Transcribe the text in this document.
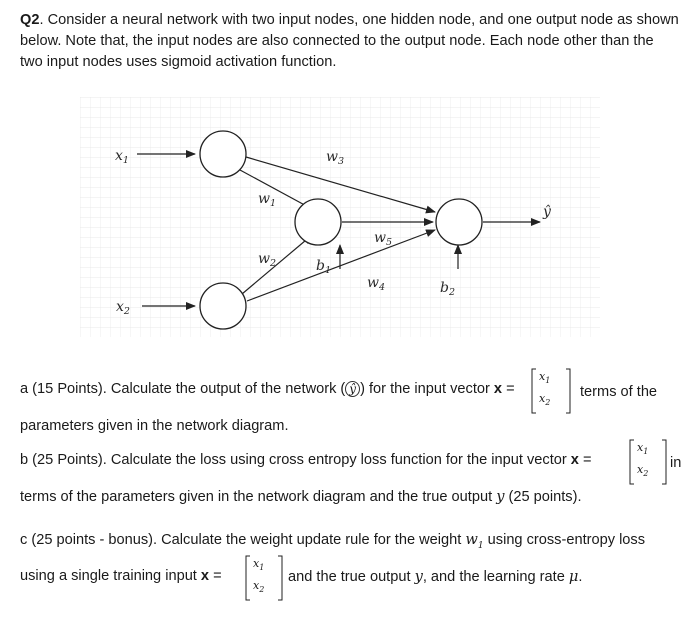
Q2. Consider a neural network with two input nodes, one hidden node, and one output node as shown below. Note that, the input nodes are also connected to the output node. Each node other than the two input nodes uses sigmoid activation function.
$x_1$
$x_2$
$w_1$
$w_2$
$w_3$
$w_4$
$w_5$
$b_1$
$b_2$
ŷ
a (15 Points). Calculate the output of the network ( ŷ ) for the input vector x =
$x_1$
$x_2$
terms of the
parameters given in the network diagram.
b (25 Points). Calculate the loss using cross entropy loss function for the input vector x =
$x_1$
$x_2$
in
terms of the parameters given in the network diagram and the true output y (25 points).
c (25 points - bonus). Calculate the weight update rule for the weight $w_1$ using cross-entropy loss
using a single training input x =
$x_1$
$x_2$
and the true output y, and the learning rate μ.
